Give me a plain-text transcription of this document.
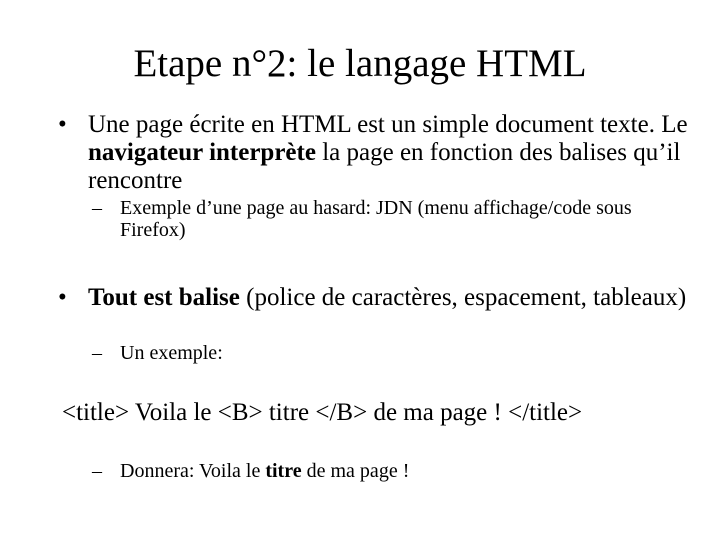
Etape n°2: le langage HTML
• Une page écrite en HTML est un simple document texte. Le navigateur interprète la page en fonction des balises qu’il rencontre
– Exemple d’une page au hasard: JDN (menu affichage/code sous Firefox)
• Tout est balise (police de caractères, espacement, tableaux)
– Un exemple:
<title> Voila le <B> titre </B> de ma page ! </title>
– Donnera: Voila le titre de ma page !
